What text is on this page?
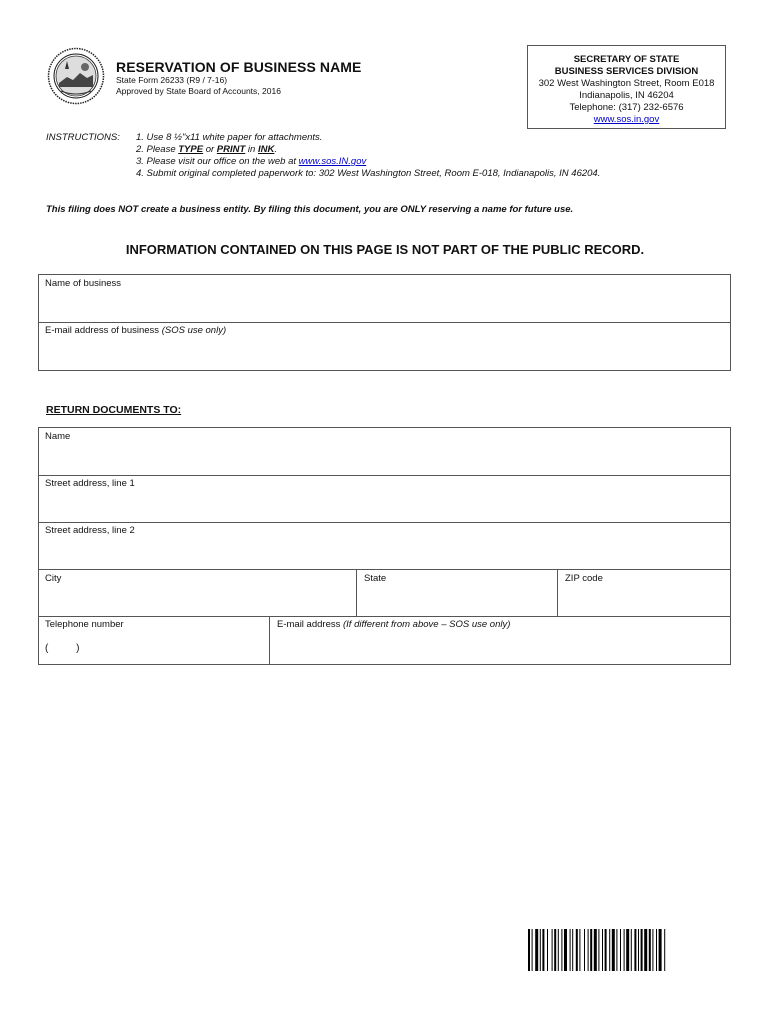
RESERVATION OF BUSINESS NAME
State Form 26233 (R9 / 7-16)
Approved by State Board of Accounts, 2016
SECRETARY OF STATE
BUSINESS SERVICES DIVISION
302 West Washington Street, Room E018
Indianapolis, IN 46204
Telephone: (317) 232-6576
www.sos.in.gov
INSTRUCTIONS: 1. Use 8 ½"x11 white paper for attachments.
2. Please TYPE or PRINT in INK.
3. Please visit our office on the web at www.sos.IN.gov
4. Submit original completed paperwork to: 302 West Washington Street, Room E-018, Indianapolis, IN 46204.
This filing does NOT create a business entity. By filing this document, you are ONLY reserving a name for future use.
INFORMATION CONTAINED ON THIS PAGE IS NOT PART OF THE PUBLIC RECORD.
Name of business
E-mail address of business (SOS use only)
RETURN DOCUMENTS TO:
Name
Street address, line 1
Street address, line 2
City	State	ZIP code
Telephone number
(          )
E-mail address (If different from above – SOS use only)
